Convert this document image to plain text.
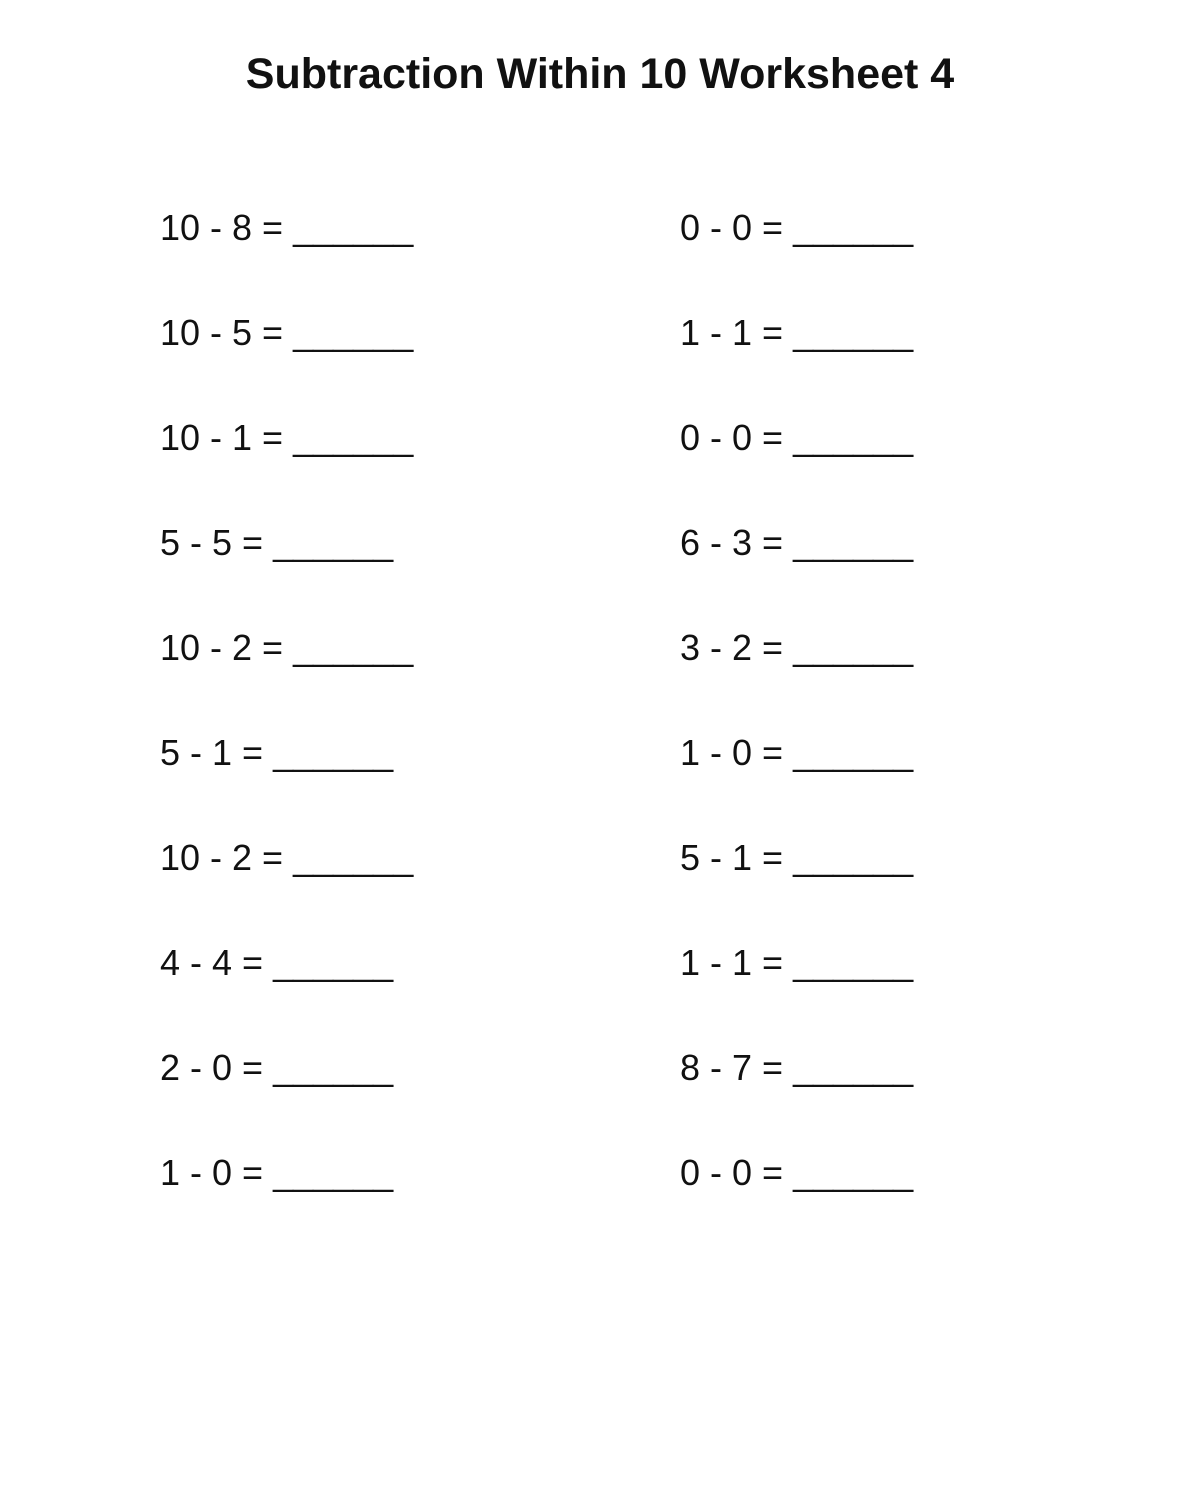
Subtraction Within 10 Worksheet 4

10 - 8 = ______

10 - 5 = ______

10 - 1 = ______

5 - 5 = ______

10 - 2 = ______

5 - 1 = ______

10 - 2 = ______

4 - 4 = ______

2 - 0 = ______

1 - 0 = ______

0 - 0 = ______

1 - 1 = ______

0 - 0 = ______

6 - 3 = ______

3 - 2 = ______

1 - 0 = ______

5 - 1 = ______

1 - 1 = ______

8 - 7 = ______

0 - 0 = ______
